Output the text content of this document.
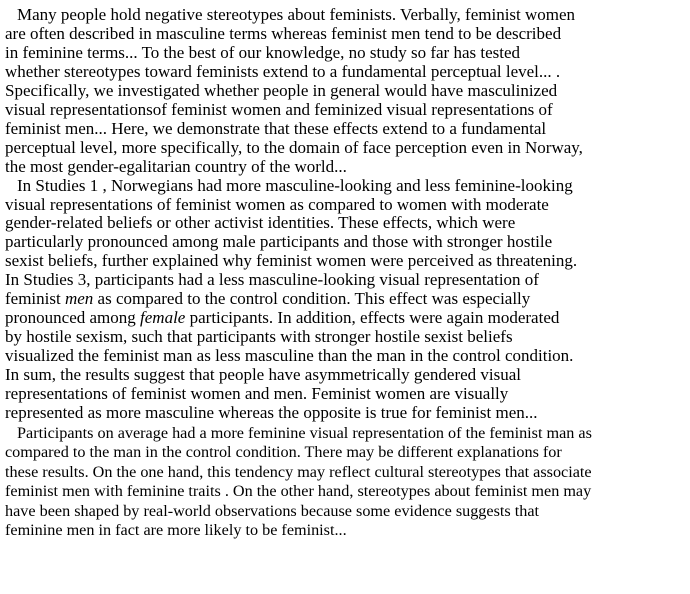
Many people hold negative stereotypes about feminists. Verbally, feminist women
are often described in masculine terms whereas feminist men tend to be described
in feminine terms... To the best of our knowledge, no study so far has tested
whether stereotypes toward feminists extend to a fundamental perceptual level... .
Specifically, we investigated whether people in general would have masculinized
visual representationsof feminist women and feminized visual representations of
feminist men... Here, we demonstrate that these effects extend to a fundamental
perceptual level, more specifically, to the domain of face perception even in Norway,
the most gender-egalitarian country of the world...
In Studies 1 , Norwegians had more masculine-looking and less feminine-looking
visual representations of feminist women as compared to women with moderate
gender-related beliefs or other activist identities. These effects, which were
particularly pronounced among male participants and those with stronger hostile
sexist beliefs, further explained why feminist women were perceived as threatening.
In Studies 3, participants had a less masculine-looking visual representation of
feminist men as compared to the control condition. This effect was especially
pronounced among female participants. In addition, effects were again moderated
by hostile sexism, such that participants with stronger hostile sexist beliefs
visualized the feminist man as less masculine than the man in the control condition.
In sum, the results suggest that people have asymmetrically gendered visual
representations of feminist women and men. Feminist women are visually
represented as more masculine whereas the opposite is true for feminist men...
Participants on average had a more feminine visual representation of the feminist man as
compared to the man in the control condition. There may be different explanations for
these results. On the one hand, this tendency may reflect cultural stereotypes that associate
feminist men with feminine traits . On the other hand, stereotypes about feminist men may
have been shaped by real-world observations because some evidence suggests that
feminine men in fact are more likely to be feminist...
